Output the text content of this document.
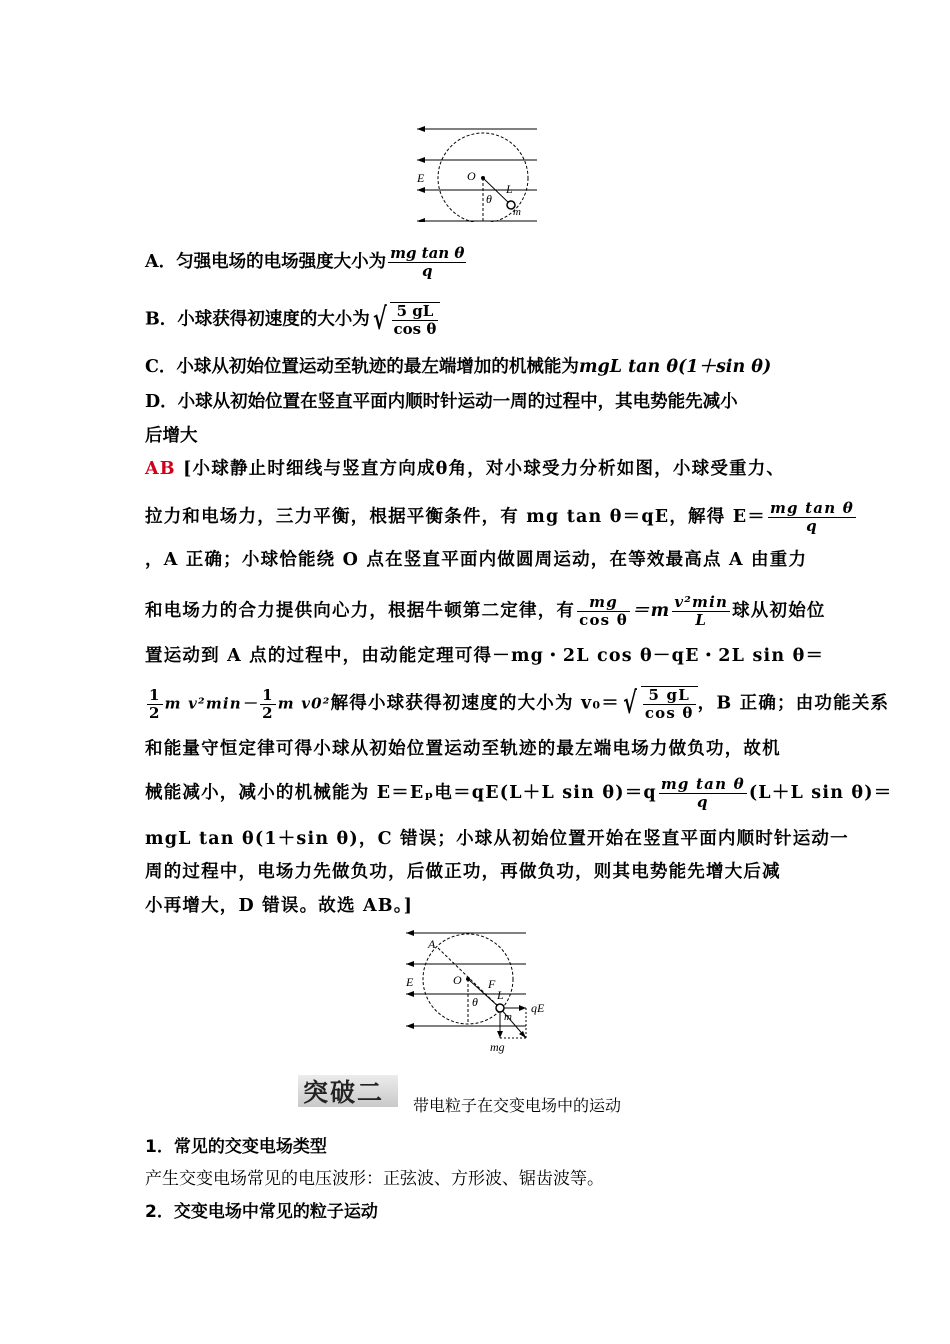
E	O
L
θ
m
A．匀强电场的电场强度大小为 $\frac{\text{mg tan θ}}{q}$
B．小球获得初速度的大小为√ $\frac{5 gL}{\text{cos θ}}$
C．小球从初始位置运动至轨迹的最左端增加的机械能为mgL tan θ(1＋sin θ)
D．小球从初始位置在竖直平面内顺时针运动一周的过程中，其电势能先减小
后增大
AB [小球静止时细线与竖直方向成θ角，对小球受力分析如图，小球受重力、
拉力和电场力，三力平衡，根据平衡条件，有 mg tan θ＝qE，解得 $E= \frac{\text{mg tan θ}}{q}$
，A 正确；小球恰能绕 O 点在竖直平面内做圆周运动，在等效最高点 A 由重力
和电场力的合力提供向心力，根据牛顿第二定律，有 $\frac{mg}{\text{cos θ}} =m \frac{\text{v²min}}{L}$ 球从初始位
置运动到 A 点的过程中，由动能定理可得－mg・2L cos θ－qE・2L sin θ＝
$\frac{1}{2}$ m $v^2\min- \frac{1}{2}$ m v0²解得小球获得初速度的大小为 v₀＝ √ $\frac{5 gL}{\text{cos θ}}$ ，B 正确；由功能关系
和能量守恒定律可得小球从初始位置运动至轨迹的最左端电场力做负功，故机
械能减小，减小的机械能为 E＝Eₚ电＝qE(L＋L $\sin \theta)=q \frac{\text{mg tan θ}}{q} (L+L$ sin θ)＝
mgL tan θ(1＋sin θ)，C 错误；小球从初始位置开始在竖直平面内顺时针运动一
周的过程中，电场力先做负功，后做正功，再做负功，则其电势能先增大后减
小再增大，D 错误。故选 AB。]
A
E	O F
L
θ
m
qE
mg
突破二 带电粒子在交变电场中的运动
1．常见的交变电场类型
产生交变电场常见的电压波形：正弦波、方形波、锯齿波等。
2．交变电场中常见的粒子运动
